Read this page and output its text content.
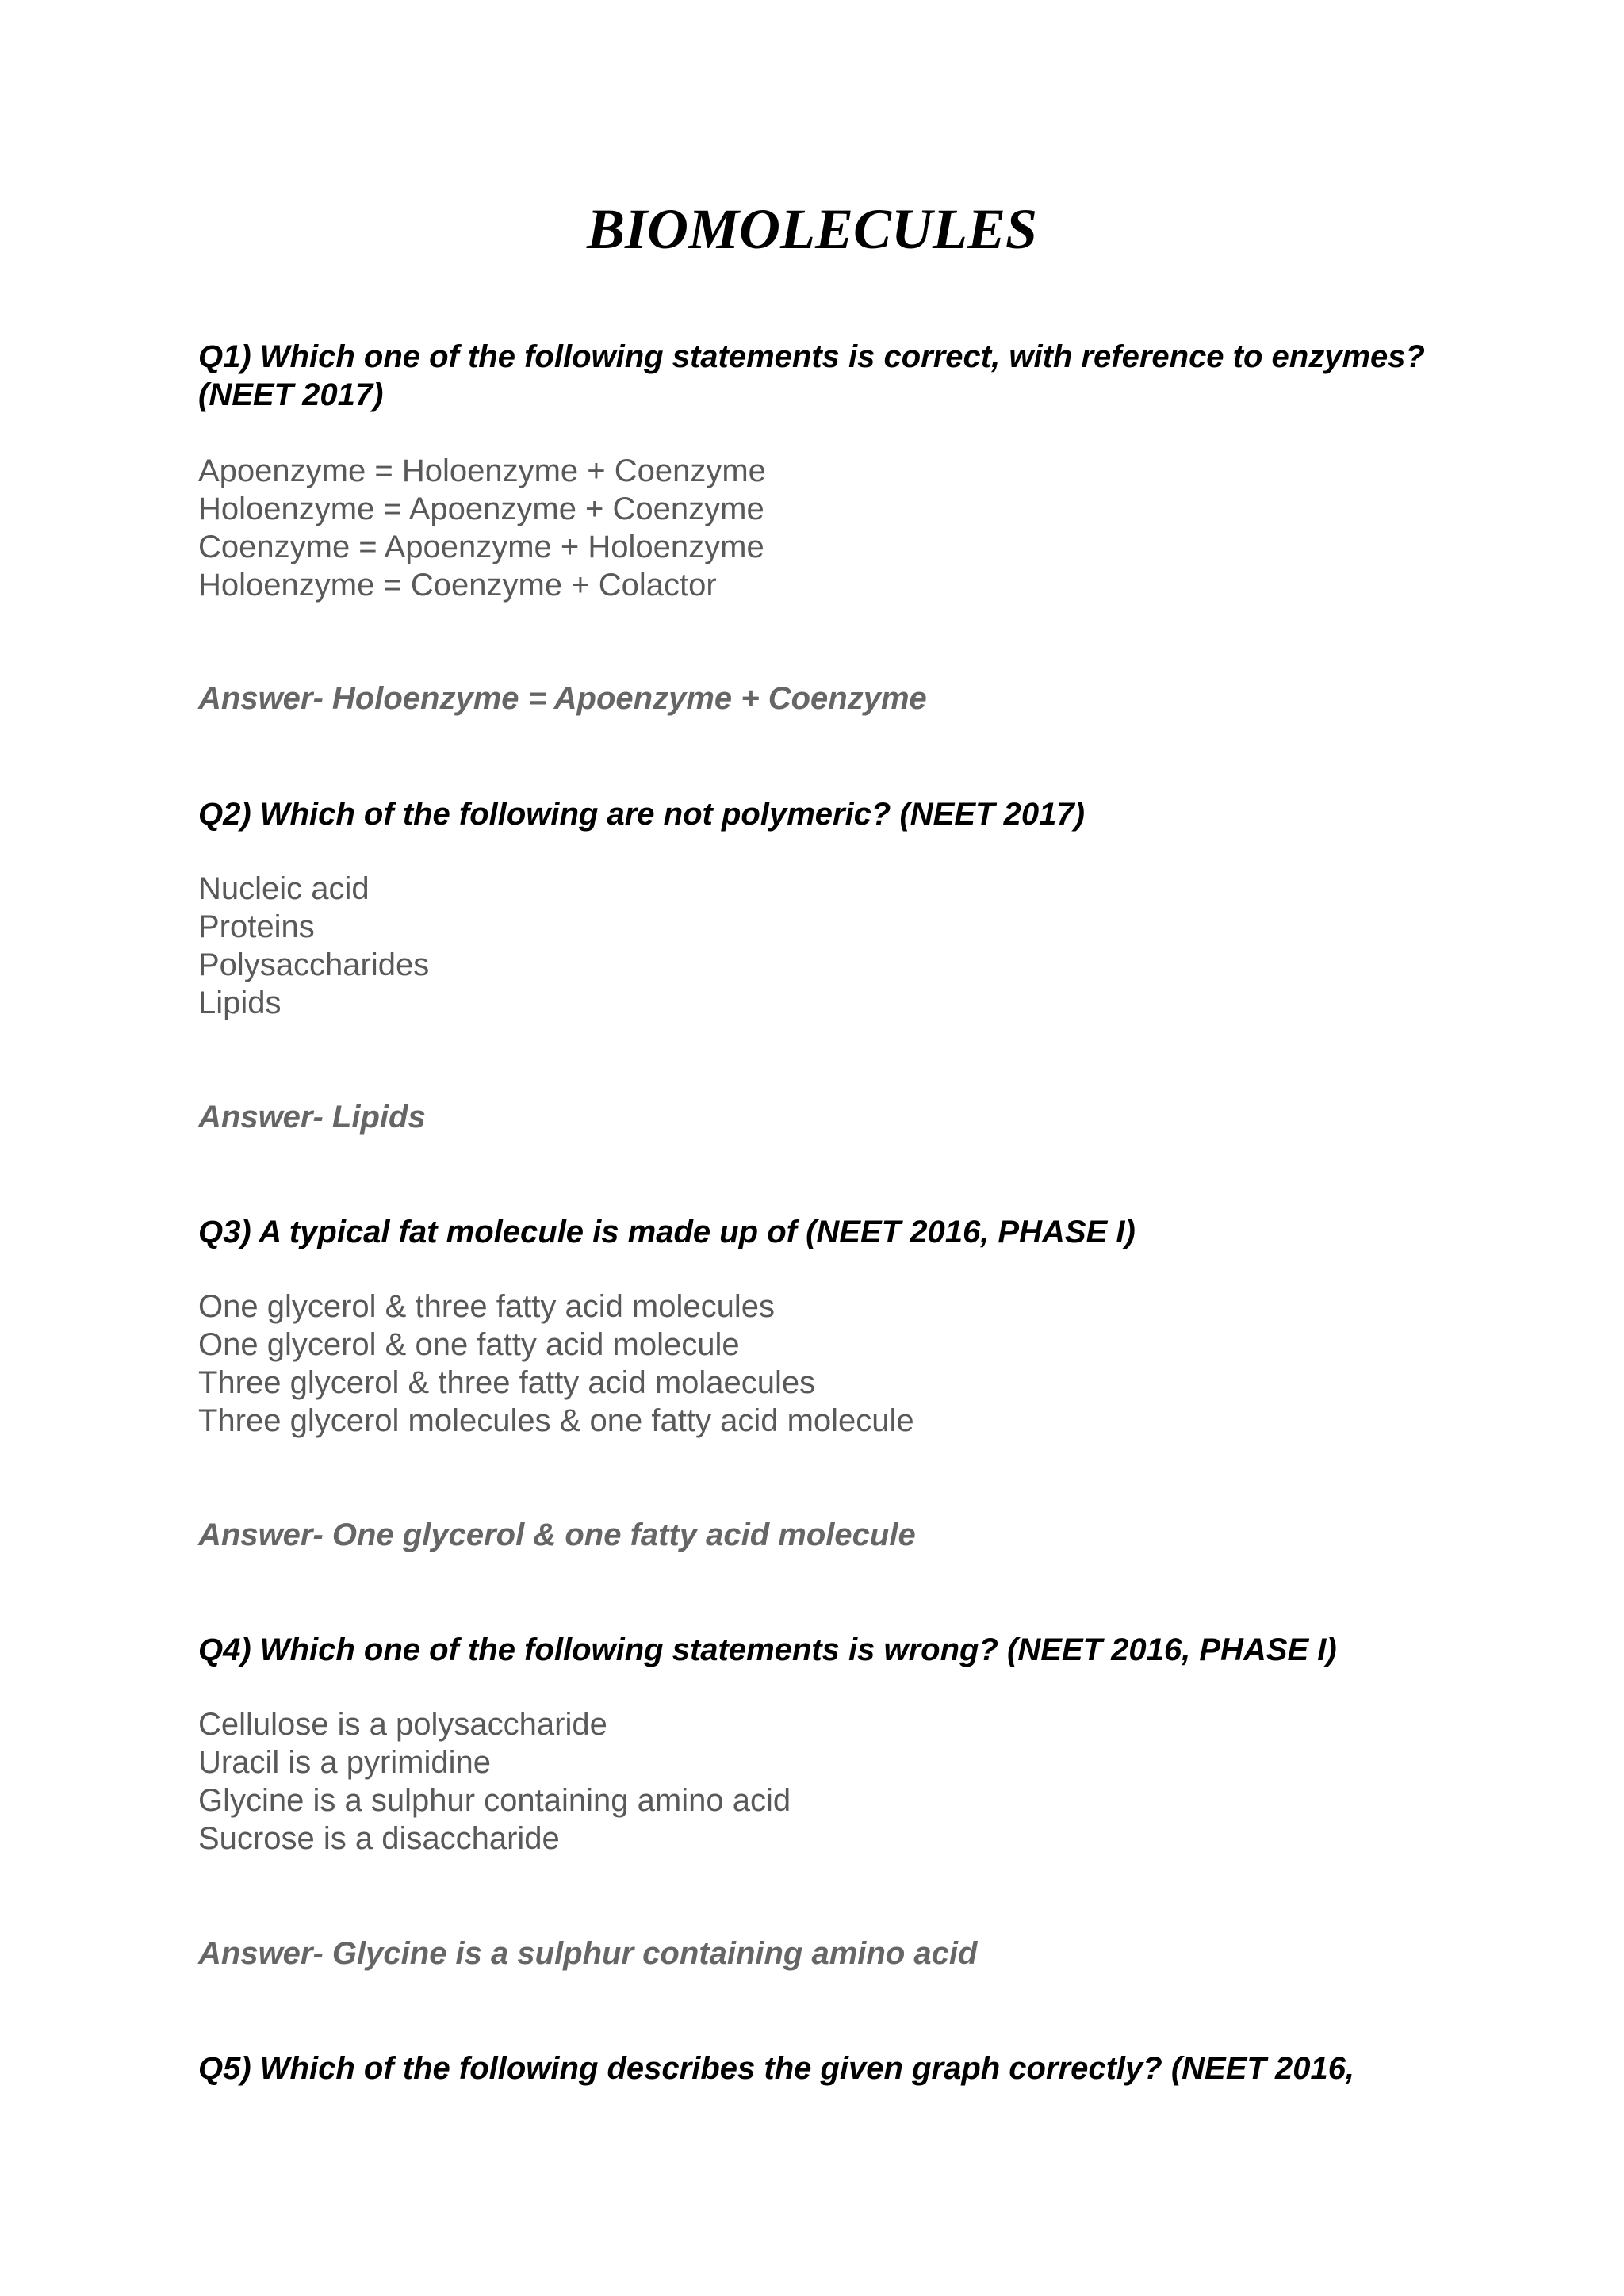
BIOMOLECULES

Q1) Which one of the following statements is correct, with reference to enzymes? (NEET 2017)

Apoenzyme = Holoenzyme + Coenzyme
Holoenzyme = Apoenzyme + Coenzyme
Coenzyme = Apoenzyme + Holoenzyme
Holoenzyme = Coenzyme + Colactor

Answer- Holoenzyme = Apoenzyme + Coenzyme

Q2) Which of the following are not polymeric? (NEET 2017)

Nucleic acid
Proteins
Polysaccharides
Lipids

Answer- Lipids

Q3) A typical fat molecule is made up of (NEET 2016, PHASE I)

One glycerol & three fatty acid molecules
One glycerol & one fatty acid molecule
Three glycerol & three fatty acid molaecules
Three glycerol molecules & one fatty acid molecule

Answer- One glycerol & one fatty acid molecule

Q4) Which one of the following statements is wrong? (NEET 2016, PHASE I)

Cellulose is a polysaccharide
Uracil is a pyrimidine
Glycine is a sulphur containing amino acid
Sucrose is a disaccharide

Answer- Glycine is a sulphur containing amino acid

Q5) Which of the following describes the given graph correctly? (NEET 2016,
